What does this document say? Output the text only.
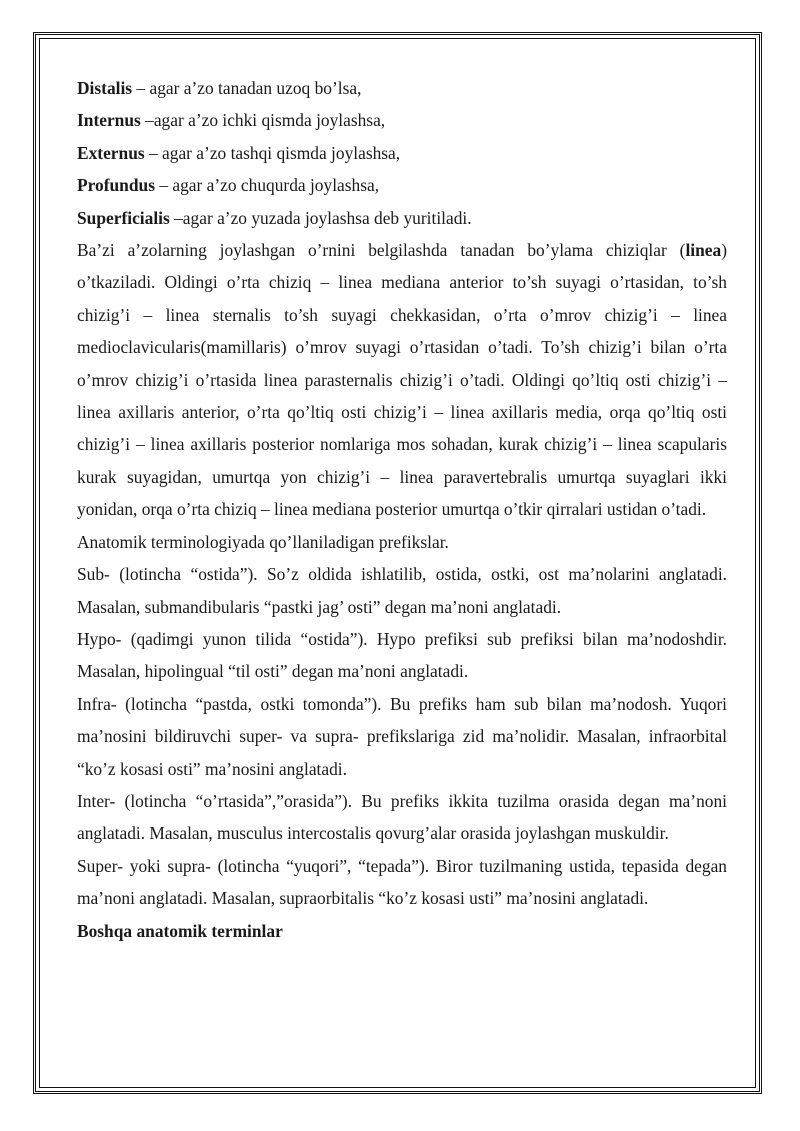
Distalis – agar a’zo tanadan uzoq bo’lsa,

Internus –agar a’zo ichki qismda joylashsa,

Externus – agar a’zo tashqi qismda joylashsa,

Profundus – agar a’zo chuqurda joylashsa,

Superficialis –agar a’zo yuzada joylashsa deb yuritiladi.

Ba’zi a’zolarning joylashgan o’rnini belgilashda tanadan bo’ylama chiziqlar (linea) o’tkaziladi. Oldingi o’rta chiziq – linea mediana anterior to’sh suyagi o’rtasidan, to’sh chizig’i – linea sternalis to’sh suyagi chekkasidan, o’rta o’mrov chizig’i – linea medioclavicularis(mamillaris) o’mrov suyagi o’rtasidan o’tadi. To’sh chizig’i bilan o’rta o’mrov chizig’i o’rtasida linea parasternalis chizig’i o’tadi. Oldingi qo’ltiq osti chizig’i – linea axillaris anterior, o’rta qo’ltiq osti chizig’i – linea axillaris media, orqa qo’ltiq osti chizig’i – linea axillaris posterior nomlariga mos sohadan, kurak chizig’i – linea scapularis kurak suyagidan, umurtqa yon chizig’i – linea paravertebralis umurtqa suyaglari ikki yonidan, orqa o’rta chiziq – linea mediana posterior umurtqa o’tkir qirralari ustidan o’tadi.

Anatomik terminologiyada qo’llaniladigan prefikslar.

Sub- (lotincha “ostida”). So’z oldida ishlatilib, ostida, ostki, ost ma’nolarini anglatadi. Masalan, submandibularis “pastki jag’ osti” degan ma’noni anglatadi.

Hypo- (qadimgi yunon tilida “ostida”). Hypo prefiksi sub prefiksi bilan ma’nodoshdir. Masalan, hipolingual “til osti” degan ma’noni anglatadi.

Infra- (lotincha “pastda, ostki tomonda”). Bu prefiks ham sub bilan ma’nodosh. Yuqori ma’nosini bildiruvchi super- va supra- prefikslariga zid ma’nolidir. Masalan, infraorbital “ko’z kosasi osti” ma’nosini anglatadi.

Inter- (lotincha “o’rtasida”,”orasida”). Bu prefiks ikkita tuzilma orasida degan ma’noni anglatadi. Masalan, musculus intercostalis qovurg’alar orasida joylashgan muskuldir.

Super- yoki supra- (lotincha “yuqori”, “tepada”). Biror tuzilmaning ustida, tepasida degan ma’noni anglatadi. Masalan, supraorbitalis “ko’z kosasi usti” ma’nosini anglatadi.

Boshqa anatomik terminlar
